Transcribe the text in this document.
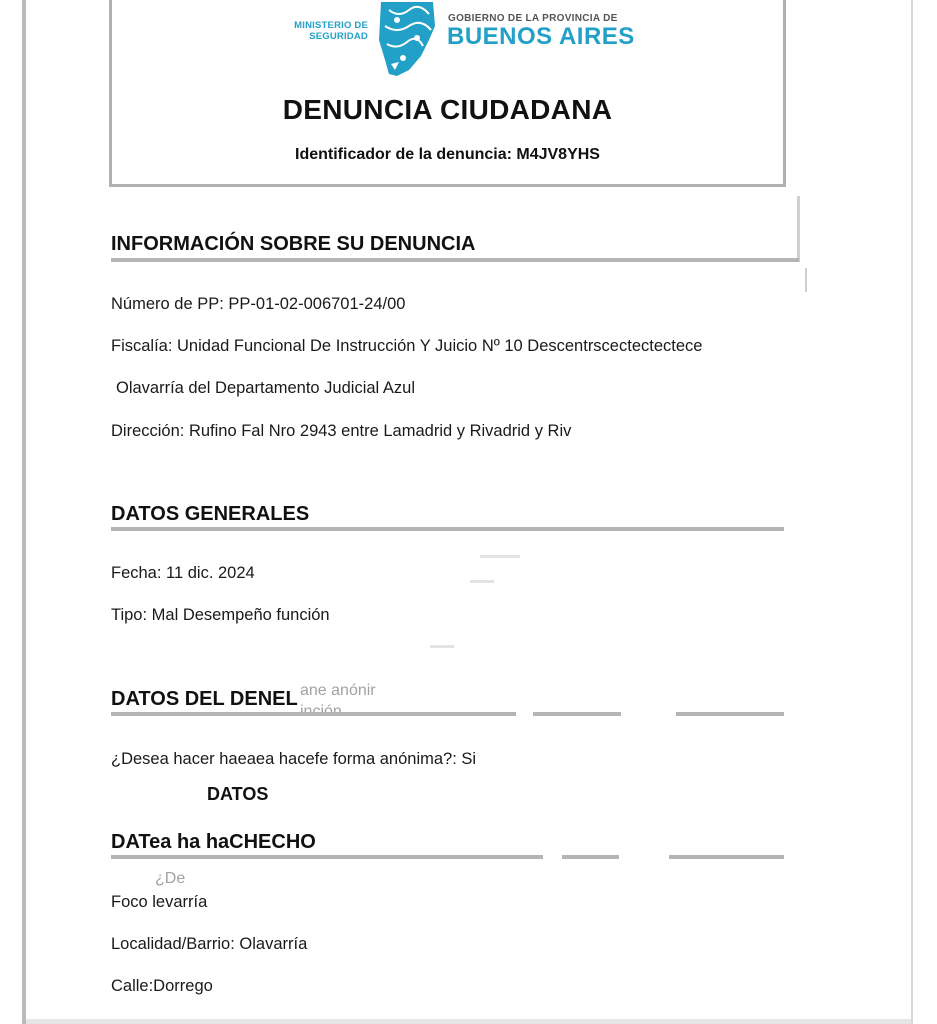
MINISTERIO DE SEGURIDAD
GOBIERNO DE LA PROVINCIA DE
BUENOS AIRES
DENUNCIA CIUDADANA
Identificador de la denuncia: M4JV8YHS
INFORMACIÓN SOBRE SU DENUNCIA
Número de PP: PP-01-02-006701-24/00
Fiscalía: Unidad Funcional De Instrucción Y Juicio Nº 10 Descentrscectectectece
Olavarría del Departamento Judicial Azul
Dirección: Rufino Fal Nro 2943 entre Lamadrid y Rivadrid y Riv
DATOS GENERALES
Fecha: 11 dic. 2024
Tipo: Mal Desempeño función
DATOS DEL DENEL ane anónir
¿Desea hacer haeaea hacefe forma anónima?: Si
DATOS
DATea ha haCHECHO
¿De
Foco levarría
Localidad/Barrio: Olavarría
Calle:Dorrego
